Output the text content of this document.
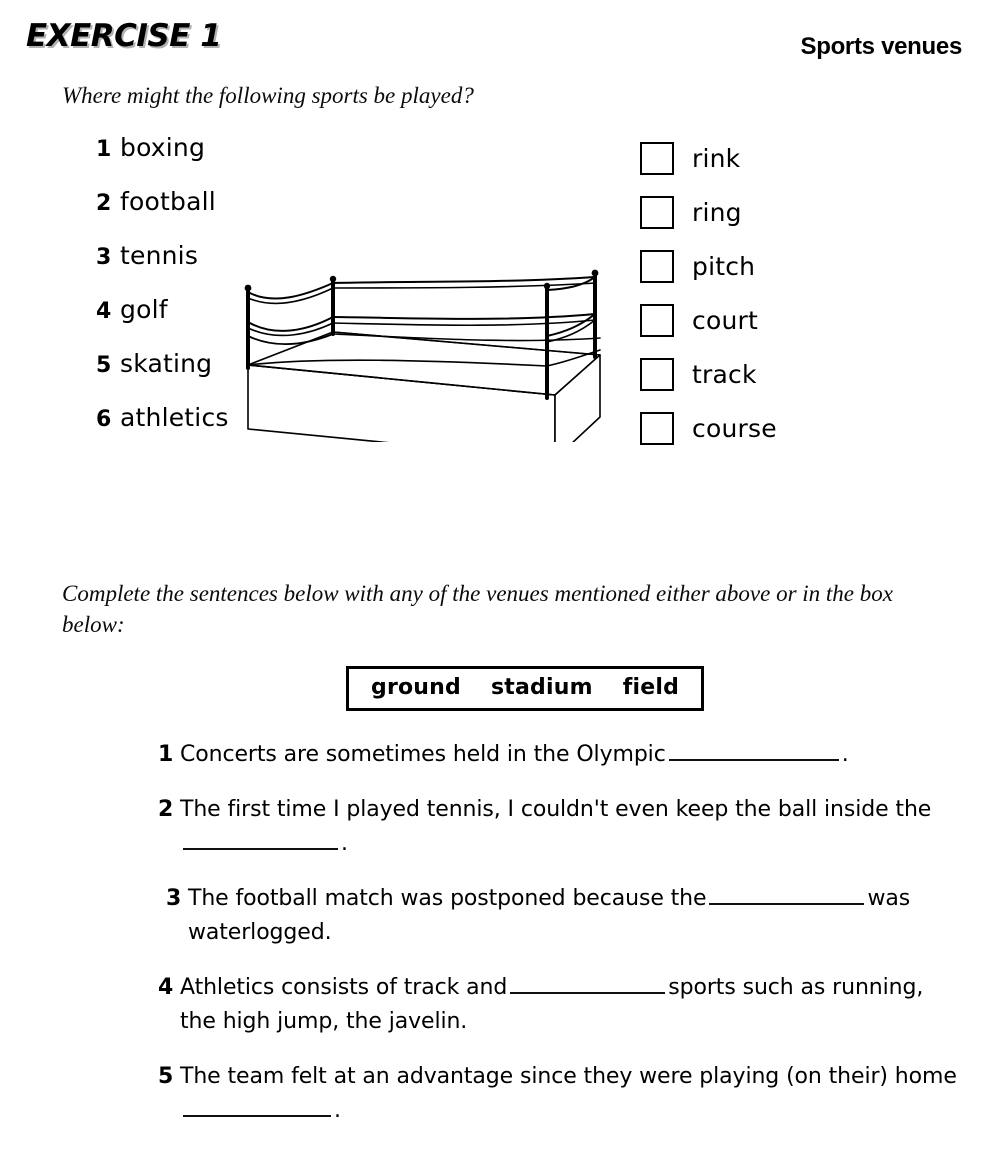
EXERCISE 1	Sports venues
Where might the following sports be played?
1 boxing
2 football
3 tennis
4 golf
5 skating
6 athletics
rink
ring
pitch
court
track
course
Complete the sentences below with any of the venues mentioned either above or in the box below:
ground stadium field
1 Concerts are sometimes held in the Olympic	.
2 The first time I played tennis, I couldn't even keep the ball inside the.
3 The football match was postponed because the	was waterlogged.
4 Athletics consists of track and	sports such as running, the high jump, the javelin.
5 The team felt at an advantage since they were playing (on their) home.
